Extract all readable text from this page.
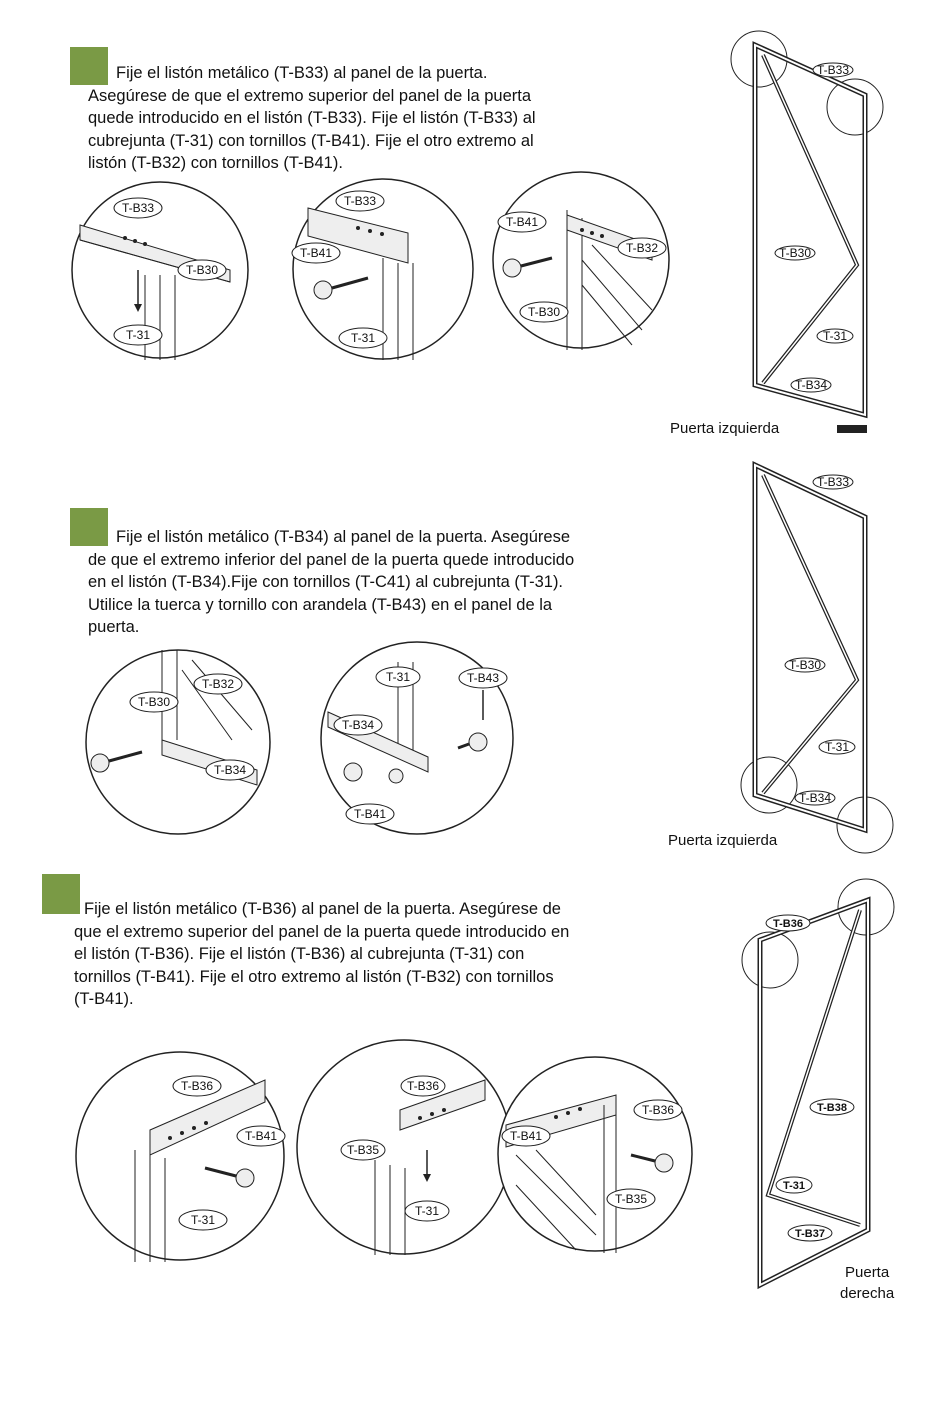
Fije el listón metálico (T-B33) al panel de la puerta.
Asegúrese de que el extremo superior del panel de la puerta
quede introducido en el listón (T-B33). Fije el listón (T-B33) al
cubrejunta (T-31) con tornillos (T-B41). Fije el otro extremo al
listón (T-B32) con tornillos (T-B41).
T-B33
T-B30
T-31
T-B33
T-B41
T-31
T-B41
T-B32
T-B30
T-B33
T-B30
T-31
T-B34
Puerta izquierda
Fije el listón metálico (T-B34) al panel de la puerta. Asegúrese
de que el extremo inferior del panel de la puerta quede introducido
en el listón (T-B34).Fije con tornillos (T-C41) al cubrejunta (T-31).
Utilice la tuerca y tornillo con arandela (T-B43) en el panel de la
puerta.
T-B30
T-B32
T-B34
T-31	T-B43
T-B34
T-B41
T-B33
T-B30
T-31
T-B34
Puerta izquierda
Fije el listón metálico (T-B36) al panel de la puerta. Asegúrese de
que el extremo superior del panel de la puerta quede introducido en
el listón (T-B36). Fije el listón (T-B36) al cubrejunta (T-31) con
tornillos (T-B41). Fije el otro extremo al listón (T-B32) con tornillos
(T-B41).
T-B36
T-B41
T-31
T-B36
T-B35
T-31
T-B36
T-B41
T-B35
T-B36
T-B38
T-31
T-B37
Puerta
derecha
